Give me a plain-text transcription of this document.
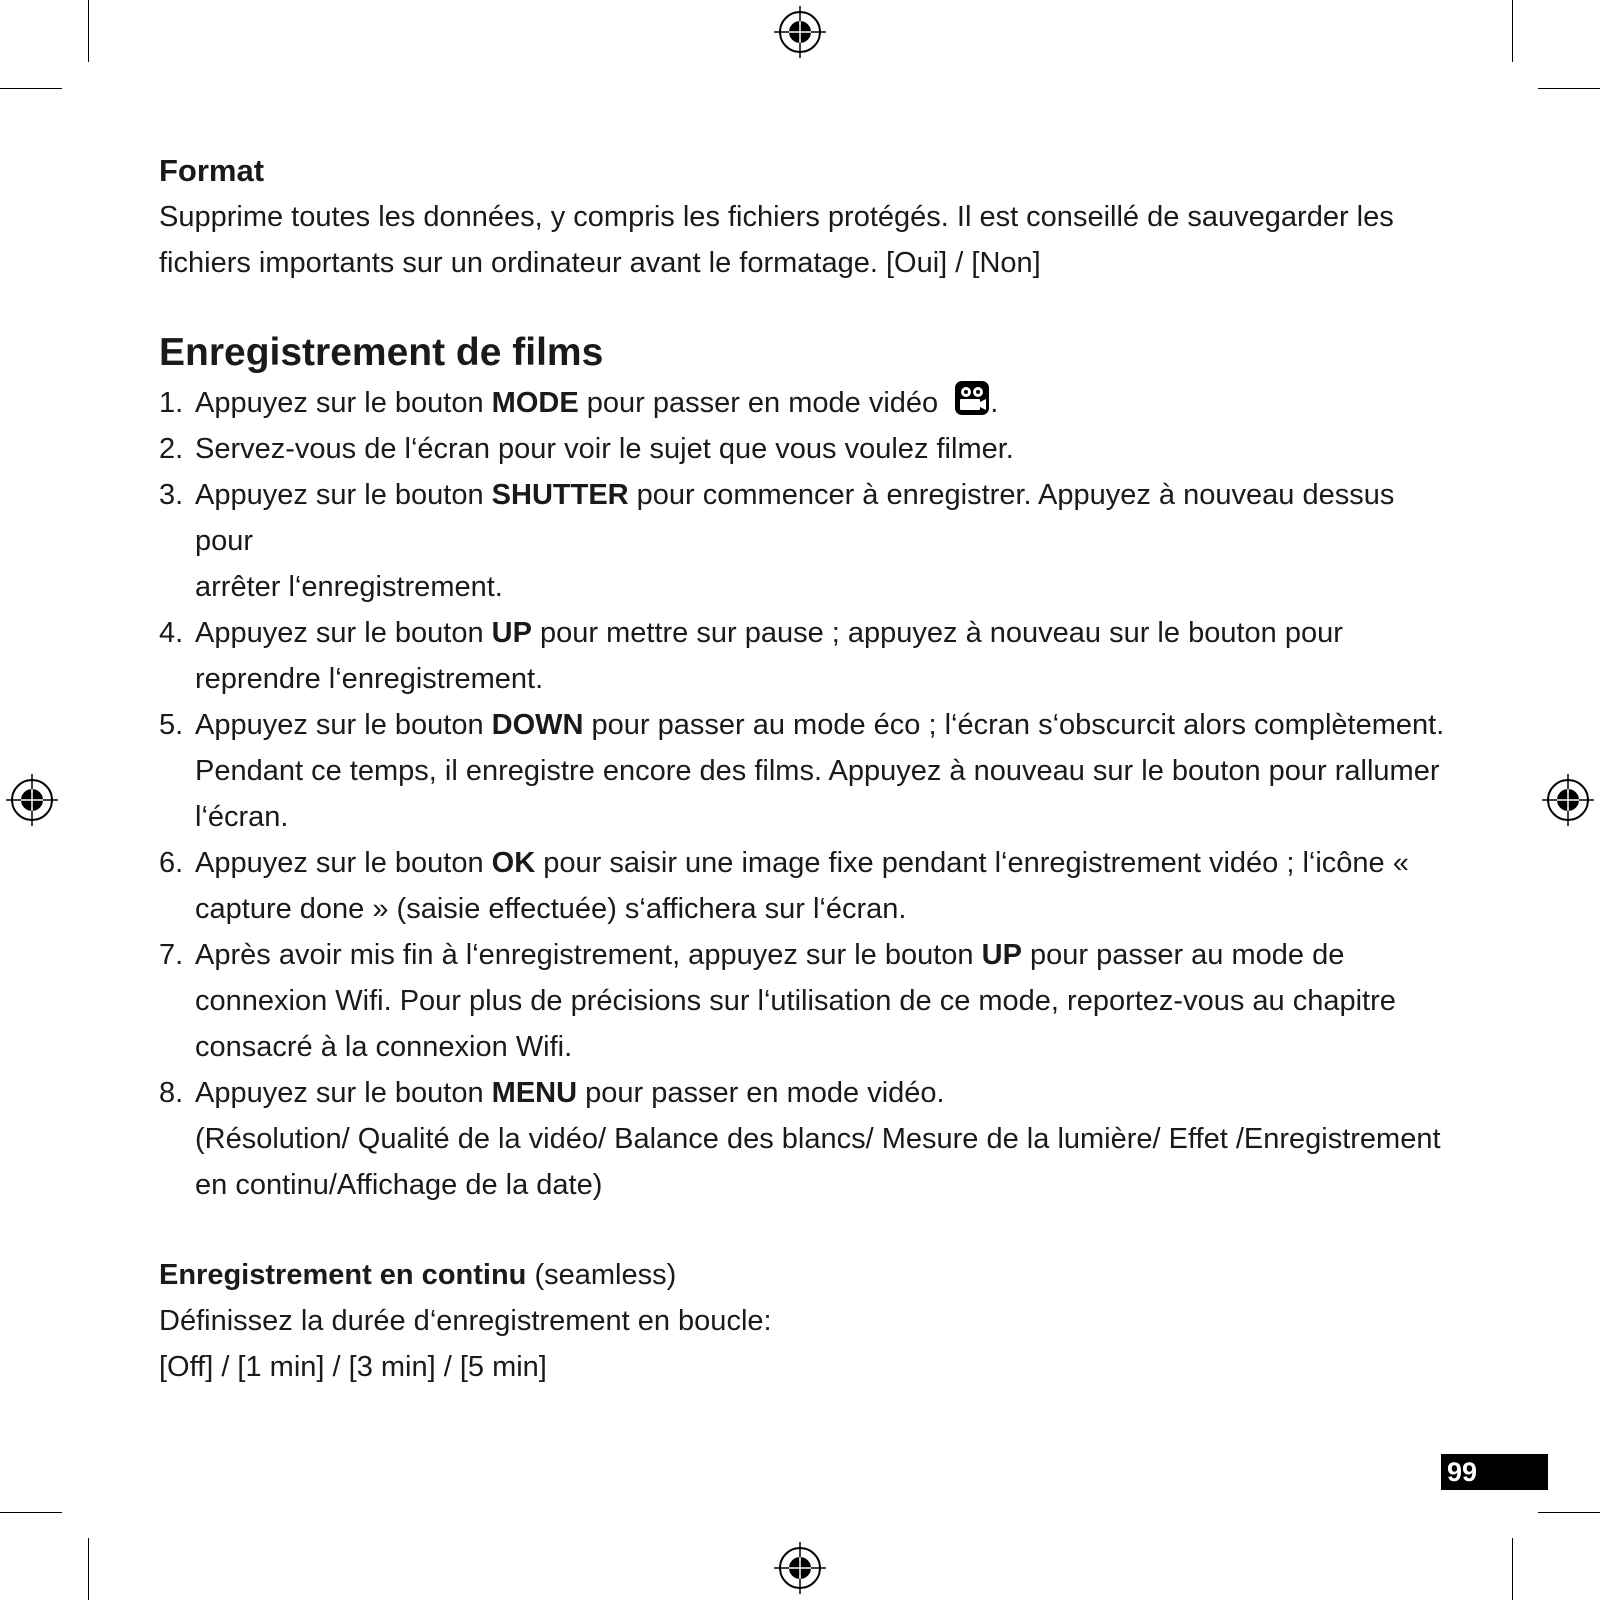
Format

Supprime toutes les données, y compris les fichiers protégés. Il est conseillé de sauvegarder les

fichiers importants sur un ordinateur avant le formatage. [Oui] / [Non]

Enregistrement de films
1. Appuyez sur le bouton MODE pour passer en mode vidéo .
2. Servez-vous de l‘écran pour voir le sujet que vous voulez filmer.
3. Appuyez sur le bouton SHUTTER pour commencer à enregistrer. Appuyez à nouveau dessus pour
arrêter l‘enregistrement.
4. Appuyez sur le bouton UP pour mettre sur pause ; appuyez à nouveau sur le bouton pour
reprendre l‘enregistrement.
5. Appuyez sur le bouton DOWN pour passer au mode éco ; l‘écran s‘obscurcit alors complètement.
Pendant ce temps, il enregistre encore des films. Appuyez à nouveau sur le bouton pour rallumer
l‘écran.
6. Appuyez sur le bouton OK pour saisir une image fixe pendant l‘enregistrement vidéo ; l‘icône «
capture done » (saisie effectuée) s‘affichera sur l‘écran.
7. Après avoir mis fin à l‘enregistrement, appuyez sur le bouton UP pour passer au mode de
connexion Wifi. Pour plus de précisions sur l‘utilisation de ce mode, reportez-vous au chapitre
consacré à la connexion Wifi.
8. Appuyez sur le bouton MENU pour passer en mode vidéo.
(Résolution/ Qualité de la vidéo/ Balance des blancs/ Mesure de la lumière/ Effet /Enregistrement
en continu/Affichage de la date)

Enregistrement en continu (seamless)

Définissez la durée d‘enregistrement en boucle:

[Off] / [1 min] / [3 min] / [5 min]

99
